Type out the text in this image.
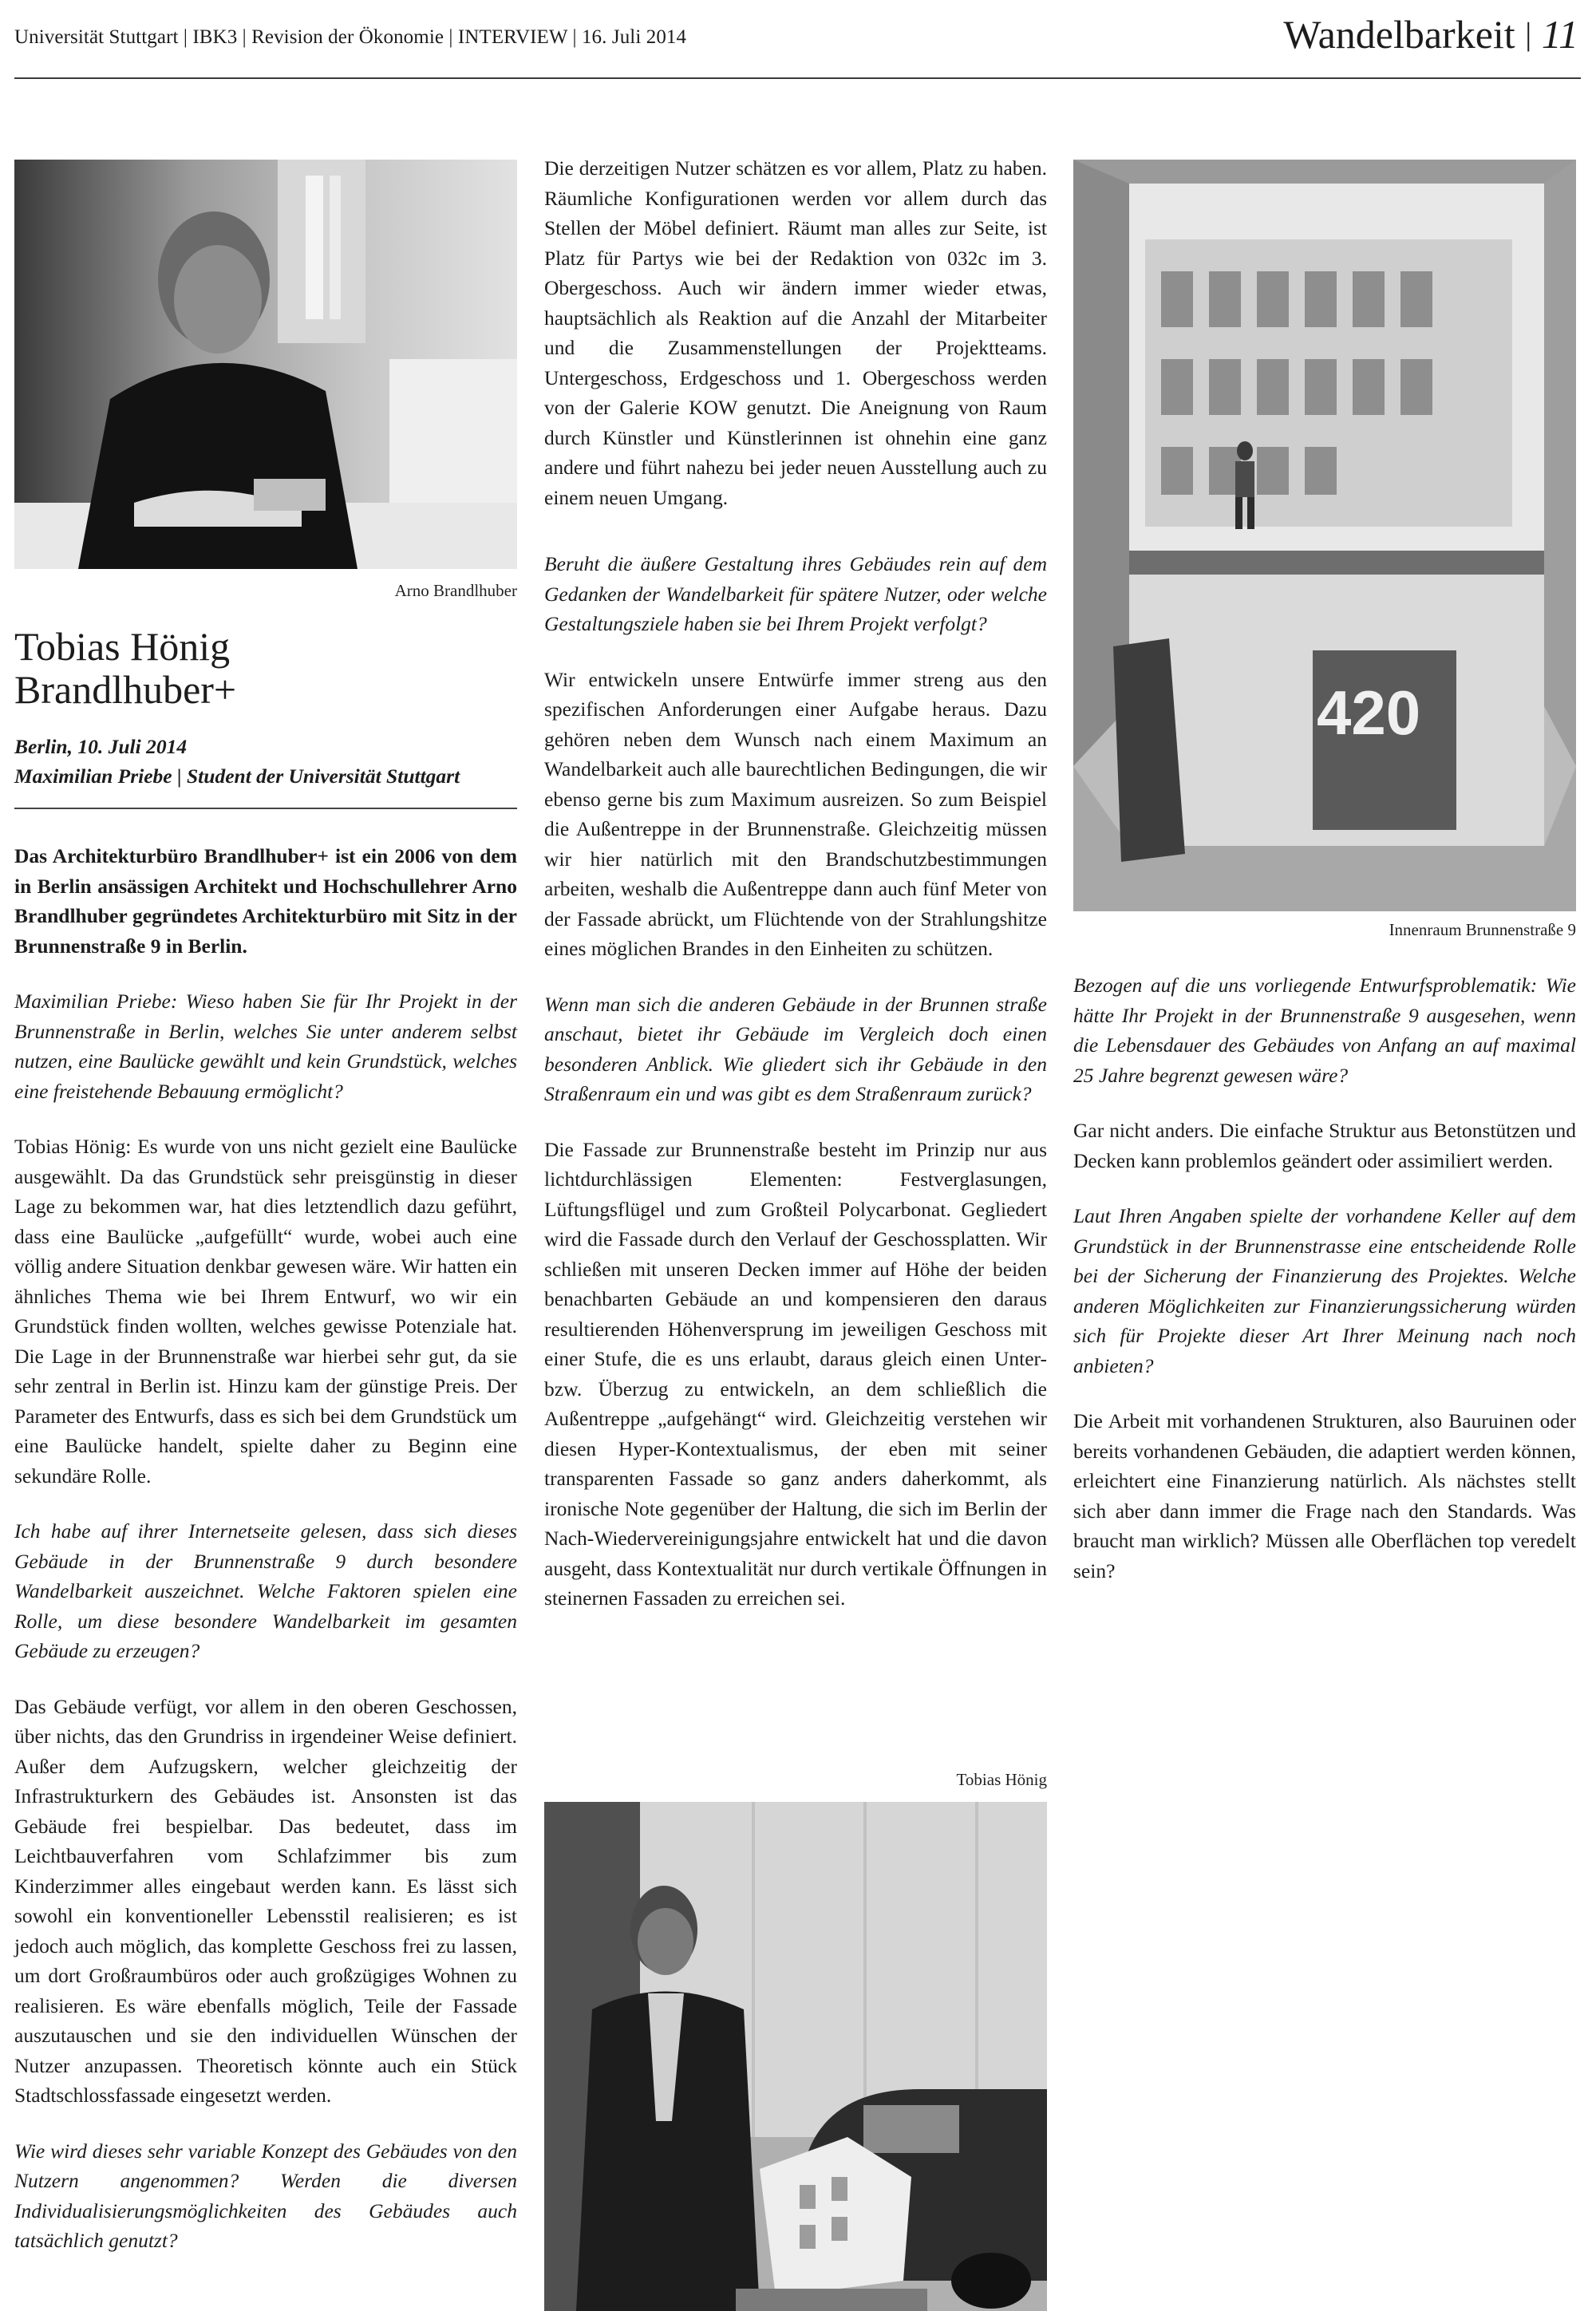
Universität Stuttgart | IBK3 | Revision der Ökonomie | INTERVIEW | 16. Juli 2014	Wandelbarkeit | 11
Arno Brandlhuber
Tobias Hönig
Brandlhuber+
Berlin, 10. Juli 2014
Maximilian Priebe | Student der Universität Stuttgart

Das Architekturbüro Brandlhuber+ ist ein 2006 von dem in Berlin ansässigen Architekt und Hochschullehrer Arno Brandlhuber gegründetes Architekturbüro mit Sitz in der Brunnenstraße 9 in Berlin.

Maximilian Priebe: Wieso haben Sie für Ihr Projekt in der Brunnenstraße in Berlin, welches Sie unter anderem selbst nutzen, eine Baulücke gewählt und kein Grundstück, welches eine freistehende Bebauung ermöglicht?

Tobias Hönig: Es wurde von uns nicht gezielt eine Baulücke ausgewählt. Da das Grundstück sehr preisgünstig in dieser Lage zu bekommen war, hat dies letztendlich dazu geführt, dass eine Baulücke „aufgefüllt“ wurde, wobei auch eine völlig andere Situation denkbar gewesen wäre. Wir hatten ein ähnliches Thema wie bei Ihrem Entwurf, wo wir ein Grundstück finden wollten, welches gewisse Potenziale hat. Die Lage in der Brunnenstraße war hierbei sehr gut, da sie sehr zentral in Berlin ist. Hinzu kam der günstige Preis. Der Parameter des Entwurfs, dass es sich bei dem Grundstück um eine Baulücke handelt, spielte daher zu Beginn eine sekundäre Rolle.

Ich habe auf ihrer Internetseite gelesen, dass sich dieses Gebäude in der Brunnenstraße 9 durch besondere Wandelbarkeit auszeichnet. Welche Faktoren spielen eine Rolle, um diese besondere Wandelbarkeit im gesamten Gebäude zu erzeugen?

Das Gebäude verfügt, vor allem in den oberen Geschossen, über nichts, das den Grundriss in irgendeiner Weise definiert. Außer dem Aufzugskern, welcher gleichzeitig der Infrastrukturkern des Gebäudes ist. Ansonsten ist das Gebäude frei bespielbar. Das bedeutet, dass im Leichtbauverfahren vom Schlafzimmer bis zum Kinderzimmer alles eingebaut werden kann. Es lässt sich sowohl ein konventioneller Lebensstil realisieren; es ist jedoch auch möglich, das komplette Geschoss frei zu lassen, um dort Großraumbüros oder auch großzügiges Wohnen zu realisieren. Es wäre ebenfalls möglich, Teile der Fassade auszutauschen und sie den individuellen Wünschen der Nutzer anzupassen. Theoretisch könnte auch ein Stück Stadtschlossfassade eingesetzt werden.

Wie wird dieses sehr variable Konzept des Gebäudes von den Nutzern angenommen? Werden die diversen Individualisierungsmöglichkeiten des Gebäudes auch tatsächlich genutzt?

Die derzeitigen Nutzer schätzen es vor allem, Platz zu haben. Räumliche Konfigurationen werden vor allem durch das Stellen der Möbel definiert. Räumt man alles zur Seite, ist Platz für Partys wie bei der Redaktion von 032c im 3. Obergeschoss. Auch wir ändern immer wieder etwas, hauptsächlich als Reaktion auf die Anzahl der Mitarbeiter und die Zusammenstellungen der Projektteams. Untergeschoss, Erdgeschoss und 1. Obergeschoss werden von der Galerie KOW genutzt. Die Aneignung von Raum durch Künstler und Künstlerinnen ist ohnehin eine ganz andere und führt nahezu bei jeder neuen Ausstellung auch zu einem neuen Umgang.

Beruht die äußere Gestaltung ihres Gebäudes rein auf dem Gedanken der Wandelbarkeit für spätere Nutzer, oder welche Gestaltungsziele haben sie bei Ihrem Projekt verfolgt?

Wir entwickeln unsere Entwürfe immer streng aus den spezifischen Anforderungen einer Aufgabe heraus. Dazu gehören neben dem Wunsch nach einem Maximum an Wandelbarkeit auch alle baurechtlichen Bedingungen, die wir ebenso gerne bis zum Maximum ausreizen. So zum Beispiel die Außentreppe in der Brunnenstraße. Gleichzeitig müssen wir hier natürlich mit den Brandschutzbestimmungen arbeiten, weshalb die Außentreppe dann auch fünf Meter von der Fassade abrückt, um Flüchtende von der Strahlungshitze eines möglichen Brandes in den Einheiten zu schützen.

Wenn man sich die anderen Gebäude in der Brunnen straße anschaut, bietet ihr Gebäude im Vergleich doch einen besonderen Anblick. Wie gliedert sich ihr Gebäude in den Straßenraum ein und was gibt es dem Straßenraum zurück?

Die Fassade zur Brunnenstraße besteht im Prinzip nur aus lichtdurchlässigen Elementen: Festverglasungen, Lüftungsflügel und zum Großteil Polycarbonat. Gegliedert wird die Fassade durch den Verlauf der Geschossplatten. Wir schließen mit unseren Decken immer auf Höhe der beiden benachbarten Gebäude an und kompensieren den daraus resultierenden Höhenversprung im jeweiligen Geschoss mit einer Stufe, die es uns erlaubt, daraus gleich einen Unter- bzw. Überzug zu entwickeln, an dem schließlich die Außentreppe „aufgehängt“ wird. Gleichzeitig verstehen wir diesen Hyper-Kontextualismus, der eben mit seiner transparenten Fassade so ganz anders daherkommt, als ironische Note gegenüber der Haltung, die sich im Berlin der Nach-Wiedervereinigungsjahre entwickelt hat und die davon ausgeht, dass Kontextualität nur durch vertikale Öffnungen in steinernen Fassaden zu erreichen sei.

420
Innenraum Brunnenstraße 9

Bezogen auf die uns vorliegende Entwurfsproblematik: Wie hätte Ihr Projekt in der Brunnenstraße 9 ausgesehen, wenn die Lebensdauer des Gebäudes von Anfang an auf maximal 25 Jahre begrenzt gewesen wäre?

Gar nicht anders. Die einfache Struktur aus Betonstützen und Decken kann problemlos geändert oder assimiliert werden.

Laut Ihren Angaben spielte der vorhandene Keller auf dem Grundstück in der Brunnenstrasse eine entscheidende Rolle bei der Sicherung der Finanzierung des Projektes. Welche anderen Möglichkeiten zur Finanzierungssicherung würden sich für Projekte dieser Art Ihrer Meinung nach noch anbieten?

Die Arbeit mit vorhandenen Strukturen, also Bauruinen oder bereits vorhandenen Gebäuden, die adaptiert werden können, erleichtert eine Finanzierung natürlich. Als nächstes stellt sich aber dann immer die Frage nach den Standards. Was braucht man wirklich? Müssen alle Oberflächen top veredelt sein?

Tobias Hönig
